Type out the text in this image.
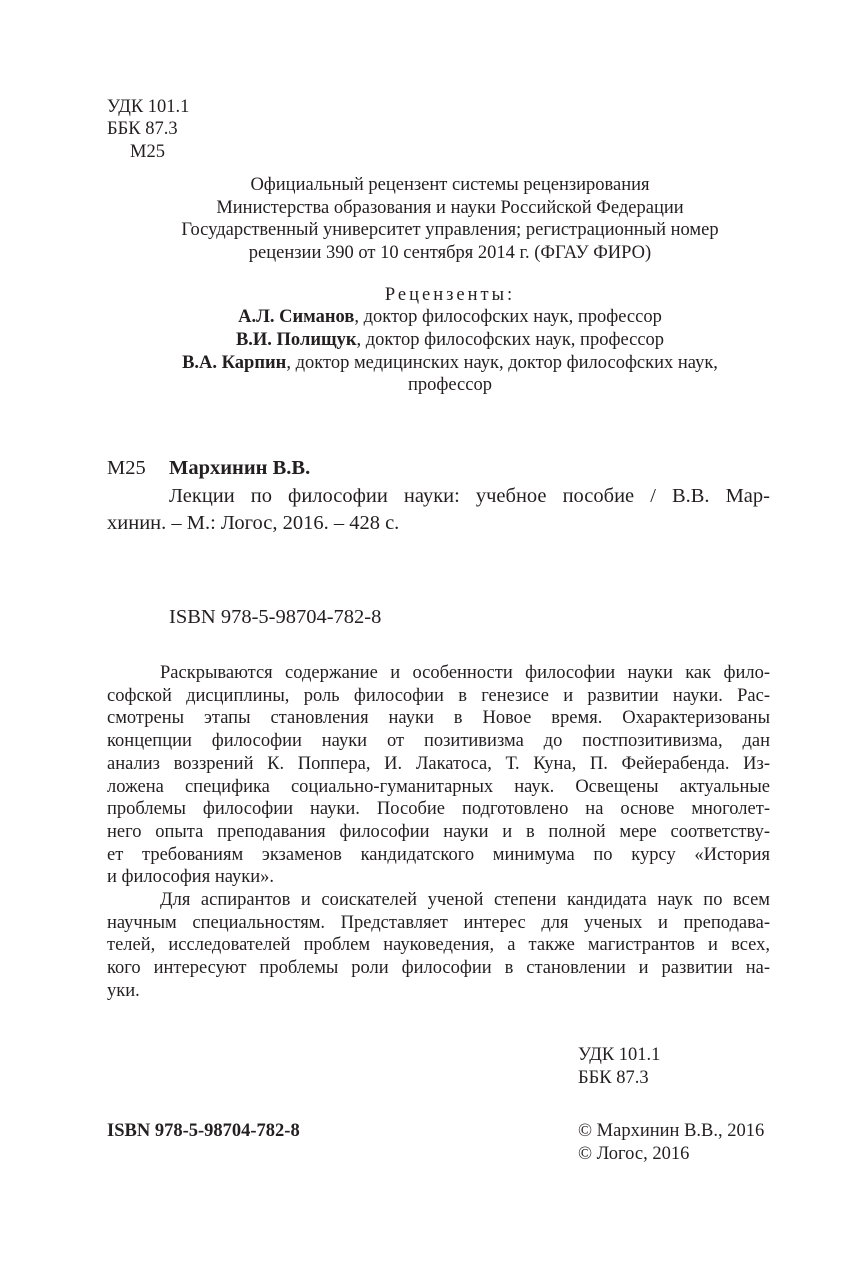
УДК 101.1
ББК 87.3
М25
Официальный рецензент системы рецензирования
Министерства образования и науки Российской Федерации
Государственный университет управления; регистрационный номер
рецензии 390 от 10 сентября 2014 г. (ФГАУ ФИРО)
Рецензенты:
А.Л. Симанов, доктор философских наук, профессор
В.И. Полищук, доктор философских наук, профессор
В.А. Карпин, доктор медицинских наук, доктор философских наук,
профессор
М25 Мархинин В.В.
Лекции по философии науки: учебное пособие / В.В. Мар-
хинин. – М.: Логос, 2016. – 428 с.
ISBN 978-5-98704-782-8
Раскрываются содержание и особенности философии науки как фило-
софской дисциплины, роль философии в генезисе и развитии науки. Рас-
смотрены этапы становления науки в Новое время. Охарактеризованы
концепции философии науки от позитивизма до постпозитивизма, дан
анализ воззрений К. Поппера, И. Лакатоса, Т. Куна, П. Фейерабенда. Из-
ложена специфика социально-гуманитарных наук. Освещены актуальные
проблемы философии науки. Пособие подготовлено на основе многолет-
него опыта преподавания философии науки и в полной мере соответству-
ет требованиям экзаменов кандидатского минимума по курсу «История
и философия науки».
Для аспирантов и соискателей ученой степени кандидата наук по всем
научным специальностям. Представляет интерес для ученых и преподава-
телей, исследователей проблем науковедения, а также магистрантов и всех,
кого интересуют проблемы роли философии в становлении и развитии на-
уки.
УДК 101.1
ББК 87.3
ISBN 978-5-98704-782-8	© Мархинин В.В., 2016
© Логос, 2016
